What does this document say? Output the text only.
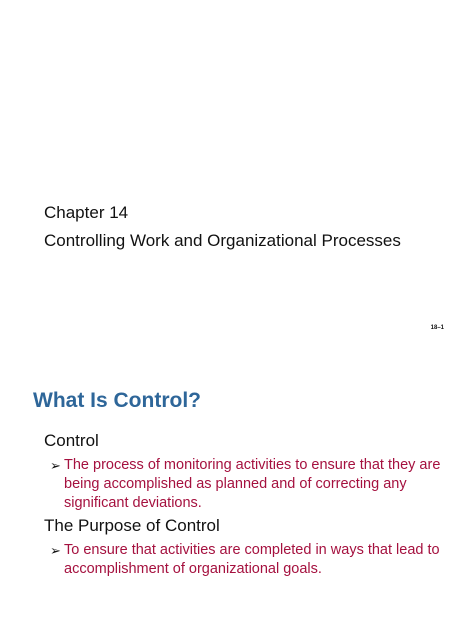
Chapter 14
Controlling Work and Organizational Processes
18–1
What Is Control?
Control
➢ The process of monitoring activities to ensure that they are being accomplished as planned and of correcting any significant deviations.
The Purpose of Control
➢ To ensure that activities are completed in ways that lead to accomplishment of organizational goals.
